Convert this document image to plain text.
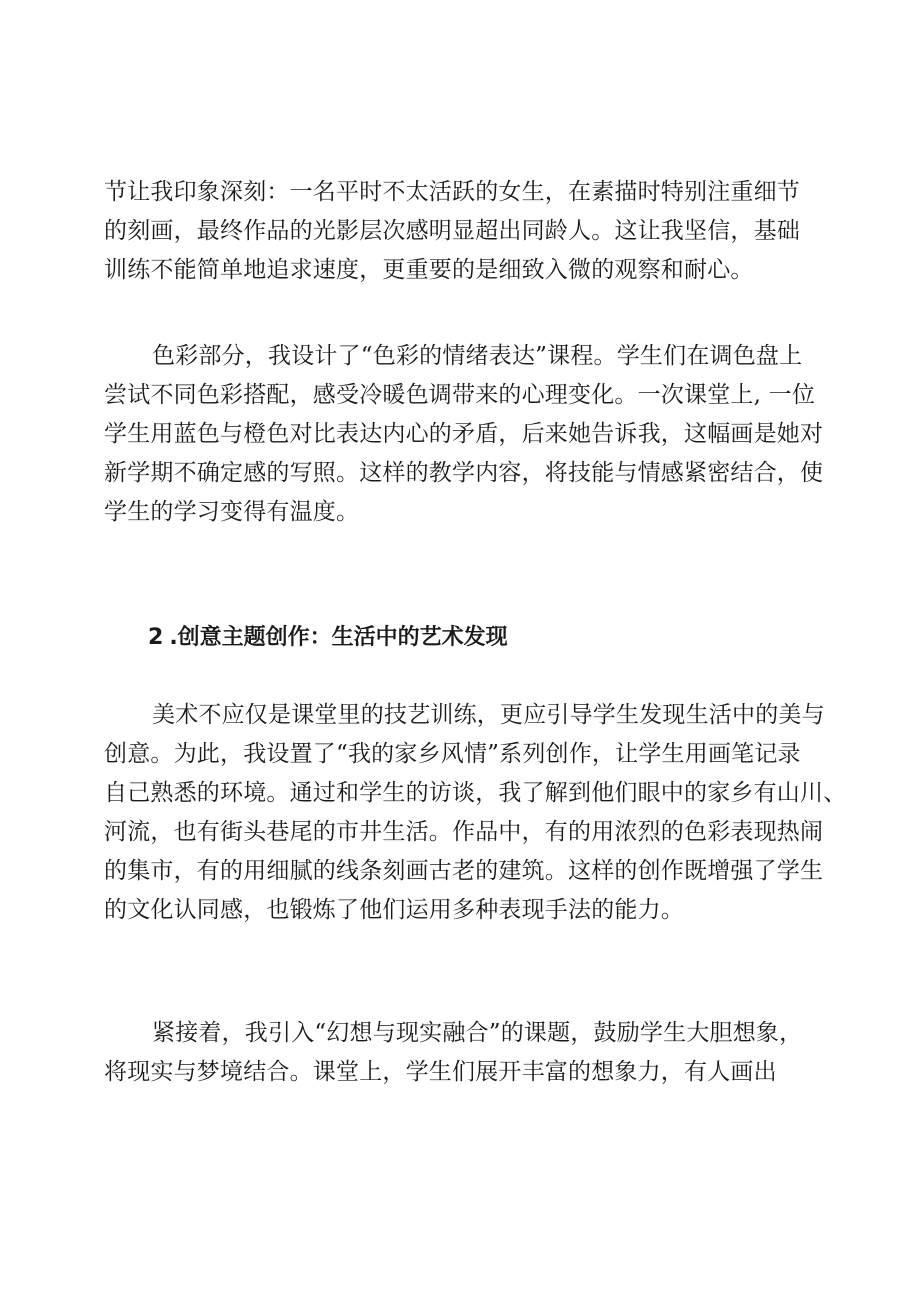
节让我印象深刻：一名平时不太活跃的女生，在素描时特别注重细节
的刻画，最终作品的光影层次感明显超出同龄人。这让我坚信，基础
训练不能简单地追求速度，更重要的是细致入微的观察和耐心。

色彩部分，我设计了“色彩的情绪表达”课程。学生们在调色盘上
尝试不同色彩搭配，感受冷暖色调带来的心理变化。一次课堂上, 一位
学生用蓝色与橙色对比表达内心的矛盾，后来她告诉我，这幅画是她对
新学期不确定感的写照。这样的教学内容，将技能与情感紧密结合，使
学生的学习变得有温度。

2 .创意主题创作：生活中的艺术发现

美术不应仅是课堂里的技艺训练，更应引导学生发现生活中的美与
创意。为此，我设置了“我的家乡风情”系列创作，让学生用画笔记录
自己熟悉的环境。通过和学生的访谈，我了解到他们眼中的家乡有山川、
河流，也有街头巷尾的市井生活。作品中，有的用浓烈的色彩表现热闹
的集市，有的用细腻的线条刻画古老的建筑。这样的创作既增强了学生
的文化认同感，也锻炼了他们运用多种表现手法的能力。

紧接着，我引入“幻想与现实融合”的课题，鼓励学生大胆想象，
将现实与梦境结合。课堂上，学生们展开丰富的想象力，有人画出
